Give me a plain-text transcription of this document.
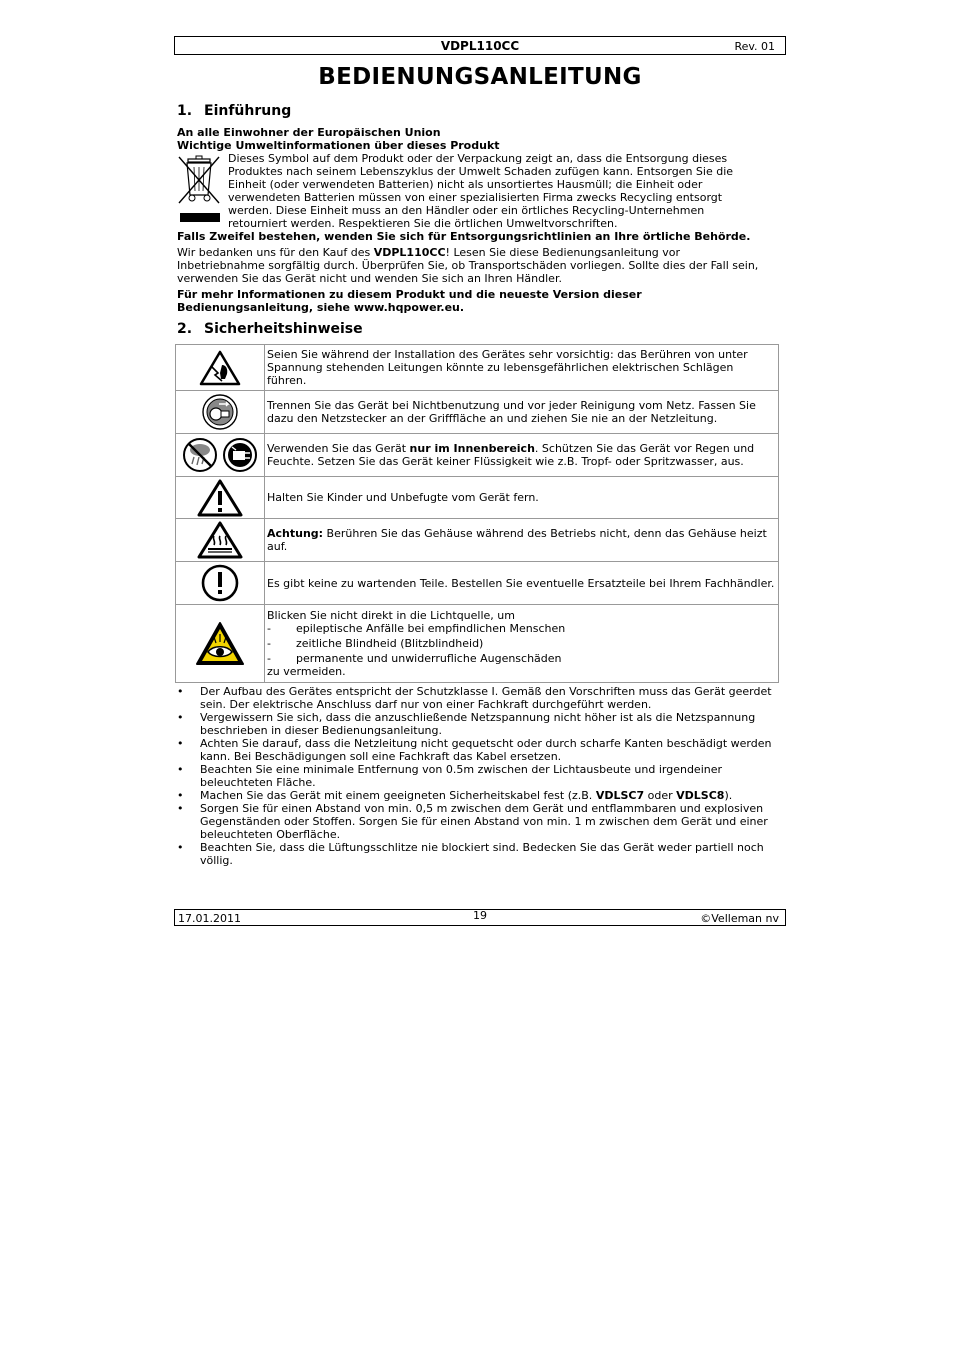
VDPL110CC	Rev. 01
BEDIENUNGSANLEITUNG
1. Einführung
An alle Einwohner der Europäischen Union
Wichtige Umweltinformationen über dieses Produkt
Dieses Symbol auf dem Produkt oder der Verpackung zeigt an, dass die Entsorgung dieses Produktes nach seinem Lebenszyklus der Umwelt Schaden zufügen kann. Entsorgen Sie die Einheit (oder verwendeten Batterien) nicht als unsortiertes Hausmüll; die Einheit oder verwendeten Batterien müssen von einer spezialisierten Firma zwecks Recycling entsorgt werden. Diese Einheit muss an den Händler oder ein örtliches Recycling-Unternehmen retourniert werden. Respektieren Sie die örtlichen Umweltvorschriften.
Falls Zweifel bestehen, wenden Sie sich für Entsorgungsrichtlinien an Ihre örtliche Behörde.
Wir bedanken uns für den Kauf des VDPL110CC! Lesen Sie diese Bedienungsanleitung vor Inbetriebnahme sorgfältig durch. Überprüfen Sie, ob Transportschäden vorliegen. Sollte dies der Fall sein, verwenden Sie das Gerät nicht und wenden Sie sich an Ihren Händler.
Für mehr Informationen zu diesem Produkt und die neueste Version dieser Bedienungsanleitung, siehe www.hqpower.eu.
2. Sicherheitshinweise
	Seien Sie während der Installation des Gerätes sehr vorsichtig: das Berühren von unter Spannung stehenden Leitungen könnte zu lebensgefährlichen elektrischen Schlägen führen.
	Trennen Sie das Gerät bei Nichtbenutzung und vor jeder Reinigung vom Netz. Fassen Sie dazu den Netzstecker an der Grifffläche an und ziehen Sie nie an der Netzleitung.
	Verwenden Sie das Gerät nur im Innenbereich. Schützen Sie das Gerät vor Regen und Feuchte. Setzen Sie das Gerät keiner Flüssigkeit wie z.B. Tropf- oder Spritzwasser, aus.
	Halten Sie Kinder und Unbefugte vom Gerät fern.
	Achtung: Berühren Sie das Gehäuse während des Betriebs nicht, denn das Gehäuse heizt auf.
	Es gibt keine zu wartenden Teile. Bestellen Sie eventuelle Ersatzteile bei Ihrem Fachhändler.

Blicken Sie nicht direkt in die Lichtquelle, um
- epileptische Anfälle bei empfindlichen Menschen
- zeitliche Blindheid (Blitzblindheid)
- permanente und unwiderrufliche Augenschäden
zu vermeiden.
• Der Aufbau des Gerätes entspricht der Schutzklasse I. Gemäß den Vorschriften muss das Gerät geerdet sein. Der elektrische Anschluss darf nur von einer Fachkraft durchgeführt werden.
• Vergewissern Sie sich, dass die anzuschließende Netzspannung nicht höher ist als die Netzspannung beschrieben in dieser Bedienungsanleitung.
• Achten Sie darauf, dass die Netzleitung nicht gequetscht oder durch scharfe Kanten beschädigt werden kann. Bei Beschädigungen soll eine Fachkraft das Kabel ersetzen.
• Beachten Sie eine minimale Entfernung von 0.5m zwischen der Lichtausbeute und irgendeiner beleuchteten Fläche.
• Machen Sie das Gerät mit einem geeigneten Sicherheitskabel fest (z.B. VDLSC7 oder VDLSC8).
• Sorgen Sie für einen Abstand von min. 0,5 m zwischen dem Gerät und entflammbaren und explosiven Gegenständen oder Stoffen. Sorgen Sie für einen Abstand von min. 1 m zwischen dem Gerät und einer beleuchteten Oberfläche.
• Beachten Sie, dass die Lüftungsschlitze nie blockiert sind. Bedecken Sie das Gerät weder partiell noch völlig.
17.01.2011	19	©Velleman nv
